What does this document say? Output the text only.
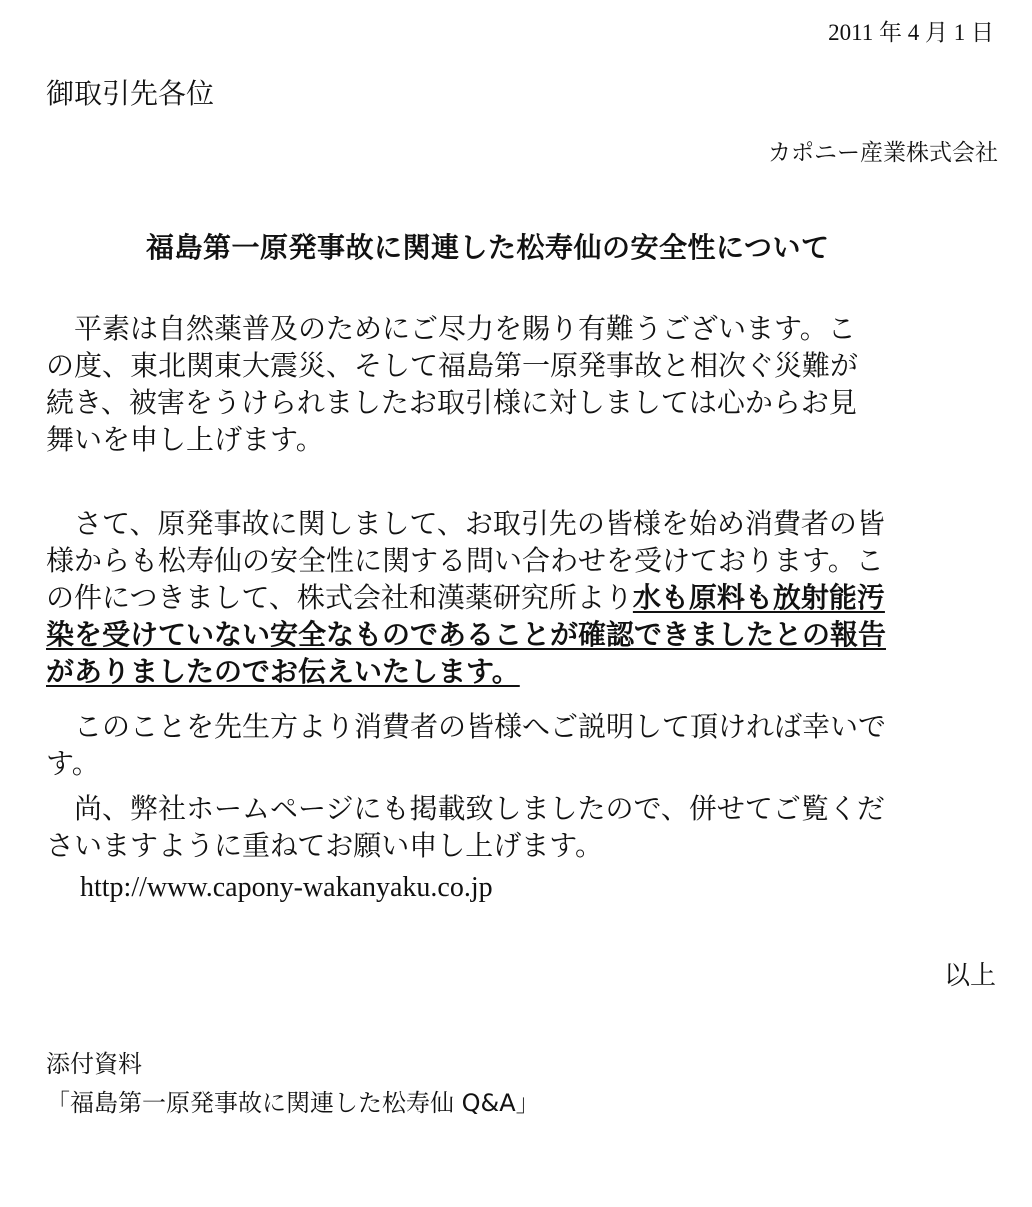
2011 年 4 月 1 日
御取引先各位
カポニー産業株式会社
福島第一原発事故に関連した松寿仙の安全性について
　平素は自然薬普及のためにご尽力を賜り有難うございます。こ
の度、東北関東大震災、そして福島第一原発事故と相次ぐ災難が
続き、被害をうけられましたお取引様に対しましては心からお見
舞いを申し上げます。
　さて、原発事故に関しまして、お取引先の皆様を始め消費者の皆
様からも松寿仙の安全性に関する問い合わせを受けております。こ
の件につきまして、株式会社和漢薬研究所より水も原料も放射能汚
染を受けていない安全なものであることが確認できましたとの報告
がありましたのでお伝えいたします。
　このことを先生方より消費者の皆様へご説明して頂ければ幸いで
す。
　尚、弊社ホームページにも掲載致しましたので、併せてご覧くだ
さいますように重ねてお願い申し上げます。
http://www.capony-wakanyaku.co.jp
以上
添付資料
「福島第一原発事故に関連した松寿仙 Q&A」
